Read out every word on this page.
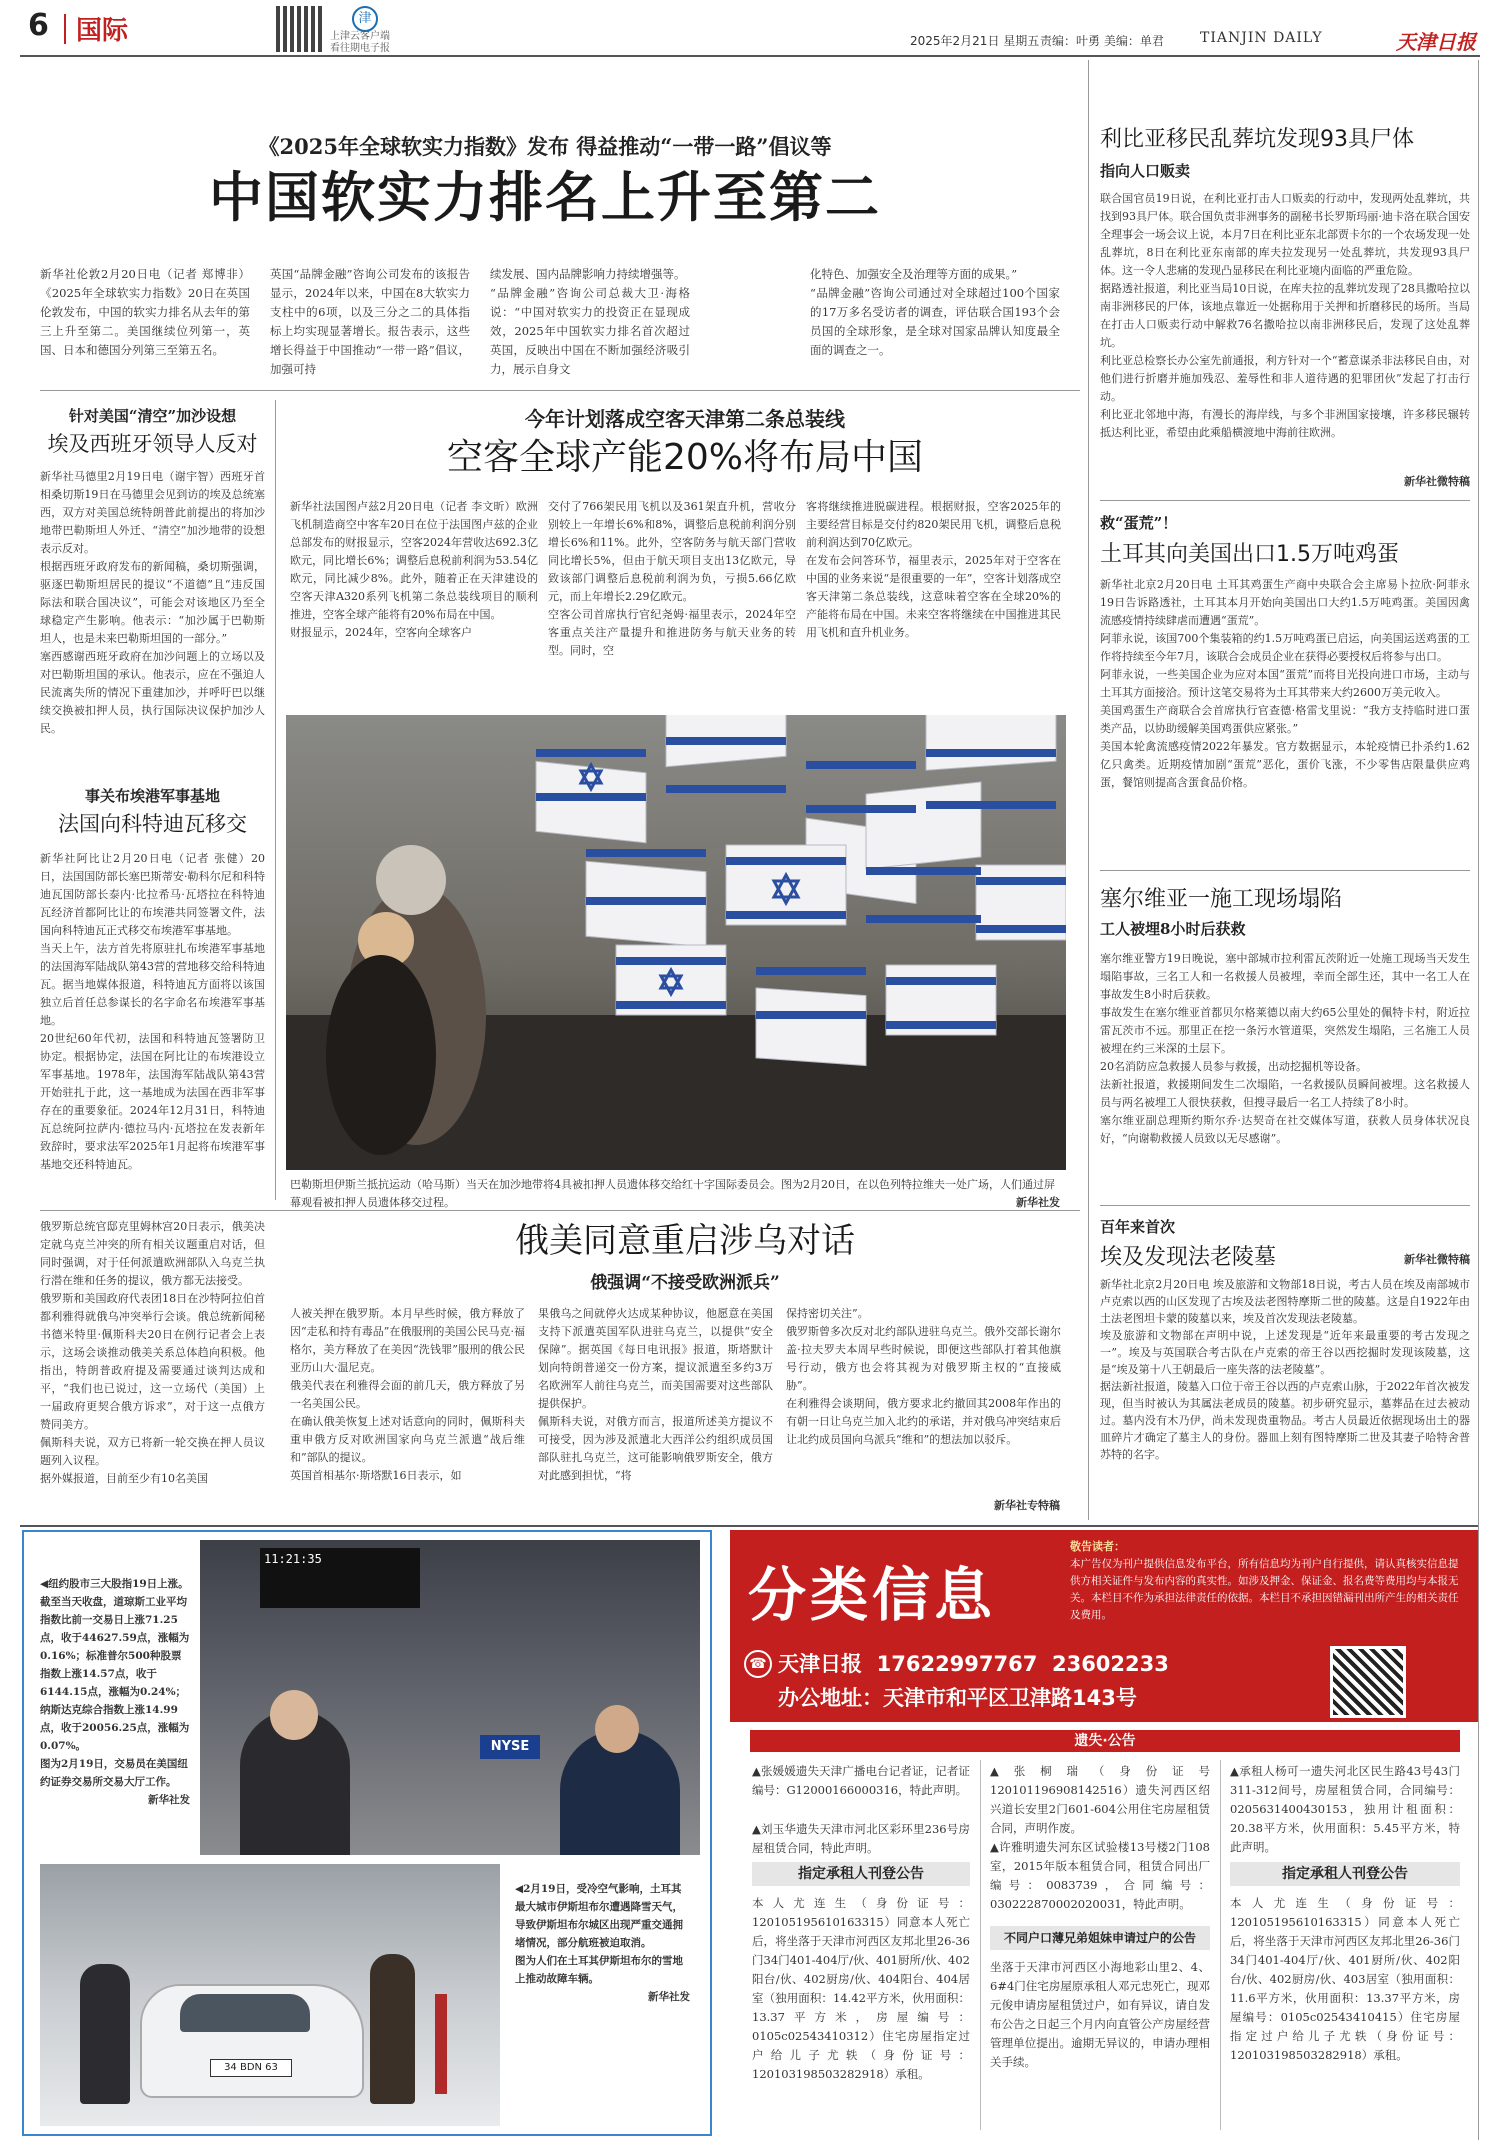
6 国际	津
上津云客户端
看往期电子报
2025年2月21日 星期五 责编：叶勇 美编：单君	TIANJIN DAILY	天津日报
《2025年全球软实力指数》发布 得益推动“一带一路”倡议等
中国软实力排名上升至第二
新华社伦敦2月20日电（记者 郑博非）《2025年全球软实力指数》20日在英国伦敦发布，中国的软实力排名从去年的第三上升至第二。美国继续位列第一，英国、日本和德国分列第三至第五名。
英国“品牌金融”咨询公司发布的该报告显示，2024年以来，中国在8大软实力支柱中的6项，以及三分之二的具体指标上均实现显著增长。报告表示，这些增长得益于中国推动“一带一路”倡议，加强可持
续发展、国内品牌影响力持续增强等。
“品牌金融”咨询公司总裁大卫·海格说：“中国对软实力的投资正在显现成效，2025年中国软实力排名首次超过英国，反映出中国在不断加强经济吸引力，展示自身文
化特色、加强安全及治理等方面的成果。”
“品牌金融”咨询公司通过对全球超过100个国家的17万多名受访者的调查，评估联合国193个会员国的全球形象，是全球对国家品牌认知度最全面的调查之一。
针对美国“清空”加沙设想
埃及西班牙领导人反对
新华社马德里2月19日电（谢宇智）西班牙首相桑切斯19日在马德里会见到访的埃及总统塞西，双方对美国总统特朗普此前提出的将加沙地带巴勒斯坦人外迁、“清空”加沙地带的设想表示反对。
根据西班牙政府发布的新闻稿，桑切斯强调，驱逐巴勒斯坦居民的提议“不道德”且“违反国际法和联合国决议”，可能会对该地区乃至全球稳定产生影响。他表示：“加沙属于巴勒斯坦人，也是未来巴勒斯坦国的一部分。”
塞西感谢西班牙政府在加沙问题上的立场以及对巴勒斯坦国的承认。他表示，应在不强迫人民流离失所的情况下重建加沙，并呼吁巴以继续交换被扣押人员，执行国际决议保护加沙人民。
事关布埃港军事基地
法国向科特迪瓦移交
新华社阿比让2月20日电（记者 张健）20日，法国国防部长塞巴斯蒂安·勒科尔尼和科特迪瓦国防部长泰内·比拉希马·瓦塔拉在科特迪瓦经济首都阿比让的布埃港共同签署文件，法国向科特迪瓦正式移交布埃港军事基地。
当天上午，法方首先将原驻扎布埃港军事基地的法国海军陆战队第43营的营地移交给科特迪瓦。据当地媒体报道，科特迪瓦方面将以该国独立后首任总参谋长的名字命名布埃港军事基地。
20世纪60年代初，法国和科特迪瓦签署防卫协定。根据协定，法国在阿比让的布埃港设立军事基地。1978年，法国海军陆战队第43营开始驻扎于此，这一基地成为法国在西非军事存在的重要象征。2024年12月31日，科特迪瓦总统阿拉萨内·德拉马内·瓦塔拉在发表新年致辞时，要求法军2025年1月起将布埃港军事基地交还科特迪瓦。
今年计划落成空客天津第二条总装线
空客全球产能20%将布局中国
新华社法国图卢兹2月20日电（记者 李文昕）欧洲飞机制造商空中客车20日在位于法国图卢兹的企业总部发布的财报显示，空客2024年营收达692.3亿欧元，同比增长6%；调整后息税前利润为53.54亿欧元，同比减少8%。此外，随着正在天津建设的空客天津A320系列飞机第二条总装线项目的顺利推进，空客全球产能将有20%布局在中国。
财报显示，2024年，空客向全球客户
交付了766架民用飞机以及361架直升机，营收分别较上一年增长6%和8%，调整后息税前利润分别增长6%和11%。此外，空客防务与航天部门营收同比增长5%，但由于航天项目支出13亿欧元，导致该部门调整后息税前利润为负，亏损5.66亿欧元，而上年增长2.29亿欧元。
空客公司首席执行官纪尧姆·福里表示，2024年空客重点关注产量提升和推进防务与航天业务的转型。同时，空
客将继续推进脱碳进程。根据财报，空客2025年的主要经营目标是交付约820架民用飞机，调整后息税前利润达到70亿欧元。
在发布会问答环节，福里表示，2025年对于空客在中国的业务来说“是很重要的一年”，空客计划落成空客天津第二条总装线，这意味着空客在全球20%的产能将布局在中国。未来空客将继续在中国推进其民用飞机和直升机业务。
巴勒斯坦伊斯兰抵抗运动（哈马斯）当天在加沙地带将4具被扣押人员遗体移交给红十字国际委员会。图为2月20日，在以色列特拉维夫一处广场，人们通过屏幕观看被扣押人员遗体移交过程。	新华社发
俄美同意重启涉乌对话
俄强调“不接受欧洲派兵”
俄罗斯总统官邸克里姆林宫20日表示，俄美决定就乌克兰冲突的所有相关议题重启对话，但同时强调，对于任何派遣欧洲部队入乌克兰执行潜在维和任务的提议，俄方都无法接受。
俄罗斯和美国政府代表团18日在沙特阿拉伯首都利雅得就俄乌冲突举行会谈。俄总统新闻秘书德米特里·佩斯科夫20日在例行记者会上表示，这场会谈推动俄美关系总体趋向积极。他指出，特朗普政府提及需要通过谈判达成和平，“我们也已说过，这一立场代（美国）上一届政府更契合俄方诉求”，对于这一点俄方赞同美方。
佩斯科夫说，双方已将新一轮交换在押人员议题列入议程。
据外媒报道，目前至少有10名美国
人被关押在俄罗斯。本月早些时候，俄方释放了因“走私和持有毒品”在俄服刑的美国公民马克·福格尔，美方释放了在美因“洗钱罪”服刑的俄公民亚历山大·温尼克。
俄美代表在利雅得会面的前几天，俄方释放了另一名美国公民。
在确认俄美恢复上述对话意向的同时，佩斯科夫重申俄方反对欧洲国家向乌克兰派遣“战后维和”部队的提议。
英国首相基尔·斯塔默16日表示，如
果俄乌之间就停火达成某种协议，他愿意在美国支持下派遣英国军队进驻乌克兰，以提供“安全保障”。据英国《每日电讯报》报道，斯塔默计划向特朗普递交一份方案，提议派遣至多约3万名欧洲军人前往乌克兰，而美国需要对这些部队提供保护。
佩斯科夫说，对俄方而言，报道所述美方提议不可接受，因为涉及派遣北大西洋公约组织成员国部队驻扎乌克兰，这可能影响俄罗斯安全，俄方对此感到担忧，“将
保持密切关注”。
俄罗斯曾多次反对北约部队进驻乌克兰。俄外交部长谢尔盖·拉夫罗夫本周早些时候说，即便这些部队打着其他旗号行动，俄方也会将其视为对俄罗斯主权的“直接威胁”。
在利雅得会谈期间，俄方要求北约撤回其2008年作出的有朝一日让乌克兰加入北约的承诺，并对俄乌冲突结束后让北约成员国向乌派兵“维和”的想法加以驳斥。
新华社专特稿
利比亚移民乱葬坑发现93具尸体
指向人口贩卖
联合国官员19日说，在利比亚打击人口贩卖的行动中，发现两处乱葬坑，共找到93具尸体。联合国负责非洲事务的副秘书长罗斯玛丽·迪卡洛在联合国安全理事会一场会议上说，本月7日在利比亚东北部贾卡尔的一个农场发现一处乱葬坑，8日在利比亚东南部的库夫拉发现另一处乱葬坑，共发现93具尸体。这一令人悲痛的发现凸显移民在利比亚境内面临的严重危险。
据路透社报道，利比亚当局10日说，在库夫拉的乱葬坑发现了28具撒哈拉以南非洲移民的尸体，该地点靠近一处据称用于关押和折磨移民的场所。当局在打击人口贩卖行动中解救76名撒哈拉以南非洲移民后，发现了这处乱葬坑。
利比亚总检察长办公室先前通报，利方针对一个“蓄意谋杀非法移民自由，对他们进行折磨并施加残忍、羞辱性和非人道待遇的犯罪团伙”发起了打击行动。
利比亚北邻地中海，有漫长的海岸线，与多个非洲国家接壤，许多移民辗转抵达利比亚，希望由此乘船横渡地中海前往欧洲。
新华社微特稿
救“蛋荒”！
土耳其向美国出口1.5万吨鸡蛋
新华社北京2月20日电 土耳其鸡蛋生产商中央联合会主席易卜拉欣·阿菲永19日告诉路透社，土耳其本月开始向美国出口大约1.5万吨鸡蛋。美国因禽流感疫情持续肆虐而遭遇“蛋荒”。
阿菲永说，该国700个集装箱的约1.5万吨鸡蛋已启运，向美国运送鸡蛋的工作将持续至今年7月，该联合会成员企业在获得必要授权后将参与出口。
阿菲永说，一些美国企业为应对本国“蛋荒”而将目光投向进口市场，主动与土耳其方面接洽。预计这笔交易将为土耳其带来大约2600万美元收入。
美国鸡蛋生产商联合会首席执行官查德·格雷戈里说：“我方支持临时进口蛋类产品，以协助缓解美国鸡蛋供应紧张。”
美国本轮禽流感疫情2022年暴发。官方数据显示，本轮疫情已扑杀约1.62亿只禽类。近期疫情加剧“蛋荒”恶化，蛋价飞涨，不少零售店限量供应鸡蛋，餐馆则提高含蛋食品价格。
塞尔维亚一施工现场塌陷
工人被埋8小时后获救
塞尔维亚警方19日晚说，塞中部城市拉利雷瓦茨附近一处施工现场当天发生塌陷事故，三名工人和一名救援人员被埋，幸而全部生还，其中一名工人在事故发生8小时后获救。
事故发生在塞尔维亚首都贝尔格莱德以南大约65公里处的佩特卡村，附近拉雷瓦茨市不远。那里正在挖一条污水管道渠，突然发生塌陷，三名施工人员被埋在约三米深的土层下。
20名消防应急救援人员参与救援，出动挖掘机等设备。
法新社报道，救援期间发生二次塌陷，一名救援队员瞬间被埋。这名救援人员与两名被埋工人很快获救，但搜寻最后一名工人持续了8小时。
塞尔维亚副总理斯约斯尔乔·达契奇在社交媒体写道，获救人员身体状况良好，“向谢勒救援人员致以无尽感谢”。
新华社微特稿
百年来首次
埃及发现法老陵墓
新华社北京2月20日电 埃及旅游和文物部18日说，考古人员在埃及南部城市卢克索以西的山区发现了古埃及法老图特摩斯二世的陵墓。这是自1922年由土法老图坦卡蒙的陵墓以来，埃及首次发现法老陵墓。
埃及旅游和文物部在声明中说，上述发现是“近年来最重要的考古发现之一”。埃及与英国联合考古队在卢克索的帝王谷以西挖掘时发现该陵墓，这是“埃及第十八王朝最后一座失落的法老陵墓”。
据法新社报道，陵墓入口位于帝王谷以西的卢克索山脉，于2022年首次被发现，但当时被认为其属法老成员的陵墓。初步研究显示，墓葬品在过去被动过。墓内没有木乃伊，尚未发现贵重物品。考古人员最近依据现场出土的器皿碎片才确定了墓主人的身份。器皿上刻有图特摩斯二世及其妻子哈特舍普苏特的名字。
◀纽约股市三大股指19日上涨。截至当天收盘，道琼斯工业平均指数比前一交易日上涨71.25点，收于44627.59点，涨幅为0.16%；标准普尔500种股票指数上涨14.57点，收于6144.15点，涨幅为0.24%；纳斯达克综合指数上涨14.99点，收于20056.25点，涨幅为0.07%。
图为2月19日，交易员在美国纽约证券交易所交易大厅工作。
新华社发
11:21:35
NYSE
34 BDN 63
◀2月19日，受冷空气影响，土耳其最大城市伊斯坦布尔遭遇降雪天气，导致伊斯坦布尔城区出现严重交通拥堵情况，部分航班被迫取消。
图为人们在土耳其伊斯坦布尔的雪地上推动故障车辆。
新华社发
分类信息
敬告读者：
本广告仅为刊户提供信息发布平台，所有信息均为刊户自行提供，请认真核实信息提供方相关证件与发布内容的真实性。如涉及押金、保证金、报名费等费用均与本报无关。本栏目不作为承担法律责任的依据。本栏目不承担因错漏刊出所产生的相关责任及费用。
☎ 天津日报  17622997767  23602233
办公地址：天津市和平区卫津路143号
遗失·公告
▲张媛媛遗失天津广播电台记者证，记者证编号：G12000166000316，特此声明。
▲刘玉华遗失天津市河北区彩环里236号房屋租赁合同，特此声明。
指定承租人刊登公告
本人尤连生（身份证号：120105195610163315）同意本人死亡后，将坐落于天津市河西区友邦北里26-36门34门401-404厅/伙、401厨所/伙、402阳台/伙、402厨房/伙、404阳台、404居室（独用面积：14.42平方米，伙用面积：13.37平方米，房屋编号：0105c02543410312）住宅房屋指定过户给儿子尤轶（身份证号：120103198503282918）承租。
▲张桐瑞（身份证号120101196908142516）遗失河西区绍兴道长安里2门601-604公用住宅房屋租赁合同，声明作废。
▲许雅明遗失河东区试验楼13号楼2门108室，2015年版本租赁合同，租赁合同出厂编号：0083739，合同编号：030222870002020031，特此声明。
不同户口薄兄弟姐妹申请过户的公告
坐落于天津市河西区小海地彩山里2、4、6#4门住宅房屋原承租人邓元忠死亡，现邓元俊申请房屋租赁过户，如有异议，请自发布公告之日起三个月内向直管公产房屋经营管理单位提出。逾期无异议的，申请办理相关手续。
▲承租人杨可一遗失河北区民生路43号43门311-312间号，房屋租赁合同，合同编号：0205631400430153，独用计租面积：20.38平方米，伙用面积：5.45平方米，特此声明。
指定承租人刊登公告
本人尤连生（身份证号：120105195610163315）同意本人死亡后，将坐落于天津市河西区友邦北里26-36门34门401-404厅/伙、401厨所/伙、402阳台/伙、402厨房/伙、403居室（独用面积：11.6平方米，伙用面积：13.37平方米，房屋编号：0105c02543410415）住宅房屋指定过户给儿子尤轶（身份证号：120103198503282918）承租。
